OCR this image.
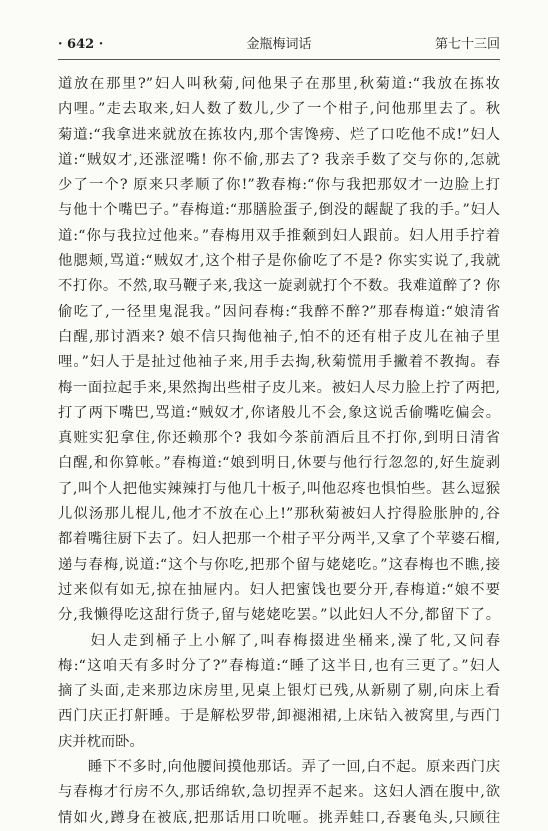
· 642 ·	金瓶梅词话	第七十三回

道放在那里?”妇人叫秋菊,问他果子在那里,秋菊道:“我放在拣妆

内哩。”走去取来,妇人数了数儿,少了一个柑子,问他那里去了。秋

菊道:“我拿进来就放在拣妆内,那个害馋痨、烂了口吃他不成!”妇人

道:“贼奴才,还涨涩嘴! 你不偷,那去了? 我亲手数了交与你的,怎就

少了一个? 原来只孝顺了你!”教春梅:“你与我把那奴才一边脸上打

与他十个嘴巴子。”春梅道:“那膳脸蛋子,倒没的龌龊了我的手。”妇人

道:“你与我拉过他来。”春梅用双手推颡到妇人跟前。妇人用手拧着

他腮颊,骂道:“贼奴才,这个柑子是你偷吃了不是? 你实实说了,我就

不打你。不然,取马鞭子来,我这一旋剥就打个不数。我难道醉了? 你

偷吃了,一径里鬼混我。”因问春梅:“我醉不醉?”那春梅道:“娘清省

白醒,那讨酒来? 娘不信只掏他袖子,怕不的还有柑子皮儿在袖子里

哩。”妇人于是扯过他袖子来,用手去掏,秋菊慌用手撇着不教掏。春

梅一面拉起手来,果然掏出些柑子皮儿来。被妇人尽力脸上拧了两把,

打了两下嘴巴,骂道:“贼奴才,你诸般儿不会,象这说舌偷嘴吃偏会。

真赃实犯拿住,你还赖那个? 我如今茶前酒后且不打你,到明日清省

白醒,和你算帐。”春梅道:“娘到明日,休要与他行行忽忽的,好生旋剥

了,叫个人把他实辣辣打与他几十板子,叫他忍疼也惧怕些。甚么逗猴

儿似汤那儿棍儿,他才不放在心上!”那秋菊被妇人拧得脸胀肿的,谷

都着嘴往厨下去了。妇人把那一个柑子平分两半,又拿了个苹婆石榴,

递与春梅,说道:“这个与你吃,把那个留与姥姥吃。”这春梅也不瞧,接

过来似有如无,掠在抽屉内。妇人把蜜饯也要分开,春梅道:“娘不要

分,我懒得吃这甜行货子,留与姥姥吃罢。”以此妇人不分,都留下了。

　　妇人走到桶子上小解了,叫春梅掇进坐桶来,澡了牝,又问春

梅:“这咱天有多时分了?”春梅道:“睡了这半日,也有三更了。”妇人

摘了头面,走来那边床房里,见桌上银灯已残,从新剔了剔,向床上看

西门庆正打鼾睡。于是解松罗带,卸褪湘裙,上床钻入被窝里,与西门

庆并枕而卧。

　　睡下不多时,向他腰间摸他那话。弄了一回,白不起。原来西门庆

与春梅才行房不久,那话绵软,急切捏弄不起来。这妇人酒在腹中,欲

情如火,蹲身在被底,把那话用口吮咂。挑弄蛙口,吞裹龟头,只顾往
